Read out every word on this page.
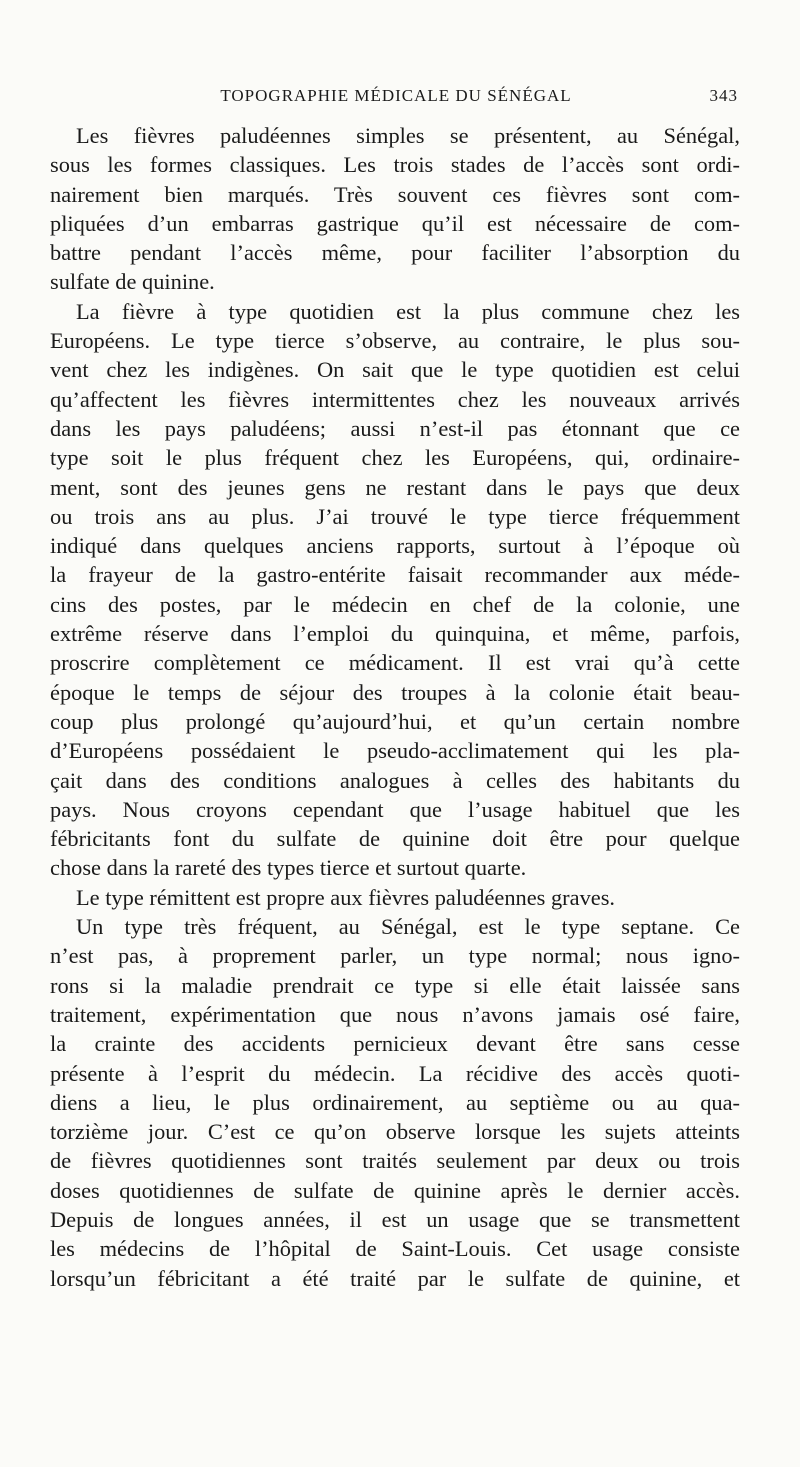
TOPOGRAPHIE MÉDICALE DU SÉNÉGAL	343
Les fièvres paludéennes simples se présentent, au Sénégal,
sous les formes classiques. Les trois stades de l’accès sont ordi-
nairement bien marqués. Très souvent ces fièvres sont com-
pliquées d’un embarras gastrique qu’il est nécessaire de com-
battre pendant l’accès même, pour faciliter l’absorption du
sulfate de quinine.
La fièvre à type quotidien est la plus commune chez les
Européens. Le type tierce s’observe, au contraire, le plus sou-
vent chez les indigènes. On sait que le type quotidien est celui
qu’affectent les fièvres intermittentes chez les nouveaux arrivés
dans les pays paludéens; aussi n’est-il pas étonnant que ce
type soit le plus fréquent chez les Européens, qui, ordinaire-
ment, sont des jeunes gens ne restant dans le pays que deux
ou trois ans au plus. J’ai trouvé le type tierce fréquemment
indiqué dans quelques anciens rapports, surtout à l’époque où
la frayeur de la gastro-entérite faisait recommander aux méde-
cins des postes, par le médecin en chef de la colonie, une
extrême réserve dans l’emploi du quinquina, et même, parfois,
proscrire complètement ce médicament. Il est vrai qu’à cette
époque le temps de séjour des troupes à la colonie était beau-
coup plus prolongé qu’aujourd’hui, et qu’un certain nombre
d’Européens possédaient le pseudo-acclimatement qui les pla-
çait dans des conditions analogues à celles des habitants du
pays. Nous croyons cependant que l’usage habituel que les
fébricitants font du sulfate de quinine doit être pour quelque
chose dans la rareté des types tierce et surtout quarte.
Le type rémittent est propre aux fièvres paludéennes graves.
Un type très fréquent, au Sénégal, est le type septane. Ce
n’est pas, à proprement parler, un type normal; nous igno-
rons si la maladie prendrait ce type si elle était laissée sans
traitement, expérimentation que nous n’avons jamais osé faire,
la crainte des accidents pernicieux devant être sans cesse
présente à l’esprit du médecin. La récidive des accès quoti-
diens a lieu, le plus ordinairement, au septième ou au qua-
torzième jour. C’est ce qu’on observe lorsque les sujets atteints
de fièvres quotidiennes sont traités seulement par deux ou trois
doses quotidiennes de sulfate de quinine après le dernier accès.
Depuis de longues années, il est un usage que se transmettent
les médecins de l’hôpital de Saint-Louis. Cet usage consiste
lorsqu’un fébricitant a été traité par le sulfate de quinine, et
